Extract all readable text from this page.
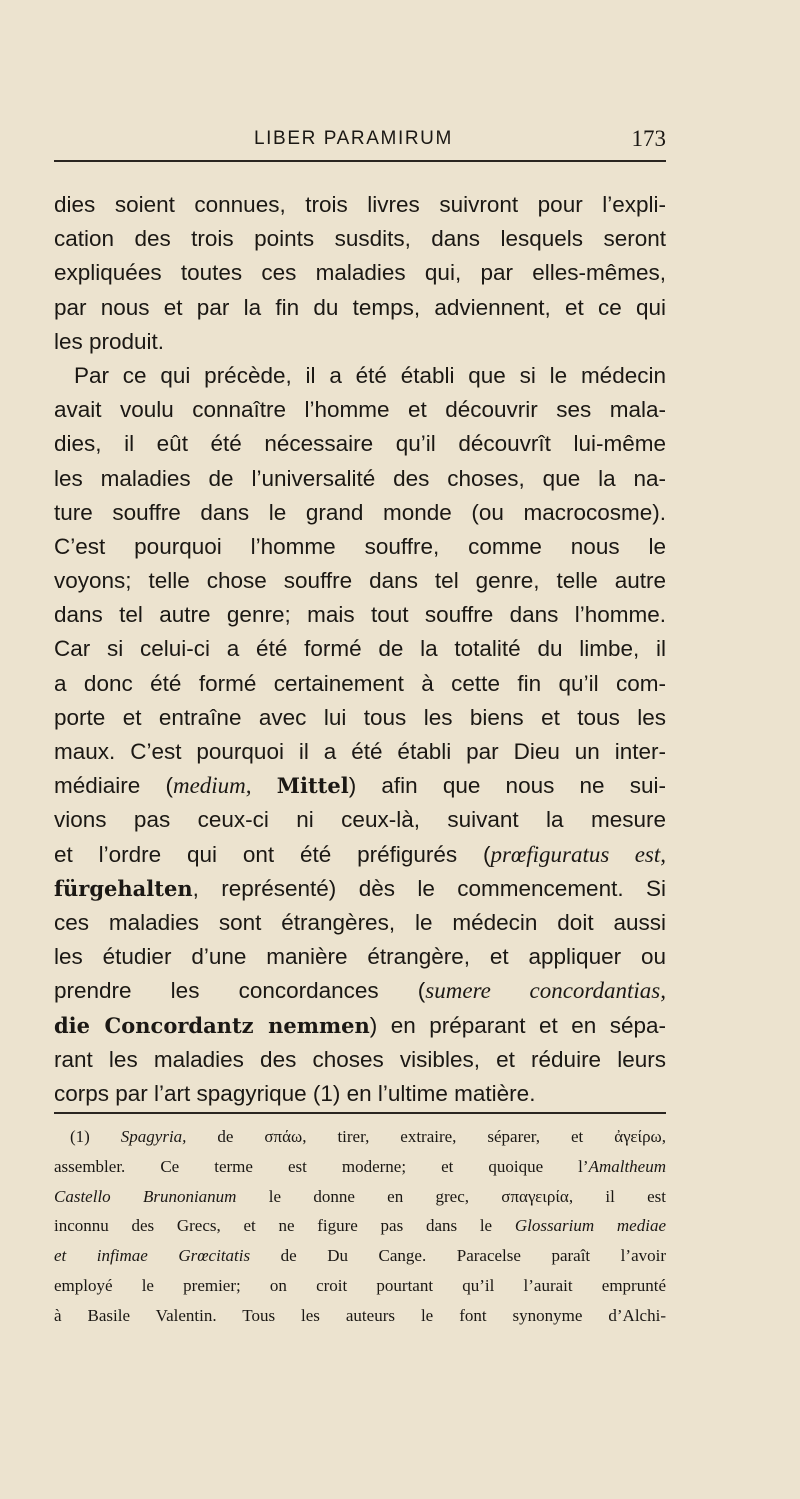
LIBER PARAMIRUM	173
dies soient connues, trois livres suivront pour l’expli-
cation des trois points susdits, dans lesquels seront
expliquées toutes ces maladies qui, par elles-mêmes,
par nous et par la fin du temps, adviennent, et ce qui
les produit.
Par ce qui précède, il a été établi que si le médecin
avait voulu connaître l’homme et découvrir ses mala-
dies, il eût été nécessaire qu’il découvrît lui-même
les maladies de l’universalité des choses, que la na-
ture souffre dans le grand monde (ou macrocosme).
C’est pourquoi l’homme souffre, comme nous le
voyons; telle chose souffre dans tel genre, telle autre
dans tel autre genre; mais tout souffre dans l’homme.
Car si celui-ci a été formé de la totalité du limbe, il
a donc été formé certainement à cette fin qu’il com-
porte et entraîne avec lui tous les biens et tous les
maux. C’est pourquoi il a été établi par Dieu un inter-
médiaire (medium, Mittel) afin que nous ne sui-
vions pas ceux-ci ni ceux-là, suivant la mesure
et l’ordre qui ont été préfigurés (prœfiguratus est,
fürgehalten, représenté) dès le commencement. Si
ces maladies sont étrangères, le médecin doit aussi
les étudier d’une manière étrangère, et appliquer ou
prendre les concordances (sumere concordantias,
die Concordantz nemmen) en préparant et en sépa-
rant les maladies des choses visibles, et réduire leurs
corps par l’art spagyrique (1) en l’ultime matière.
(1) Spagyria, de σπάω, tirer, extraire, séparer, et ἀγείρω,
assembler. Ce terme est moderne; et quoique l’Amaltheum
Castello Brunonianum le donne en grec, σπαγειρία, il est
inconnu des Grecs, et ne figure pas dans le Glossarium mediae
et infimae Grœcitatis de Du Cange. Paracelse paraît l’avoir
employé le premier; on croit pourtant qu’il l’aurait emprunté
à Basile Valentin. Tous les auteurs le font synonyme d’Alchi-
